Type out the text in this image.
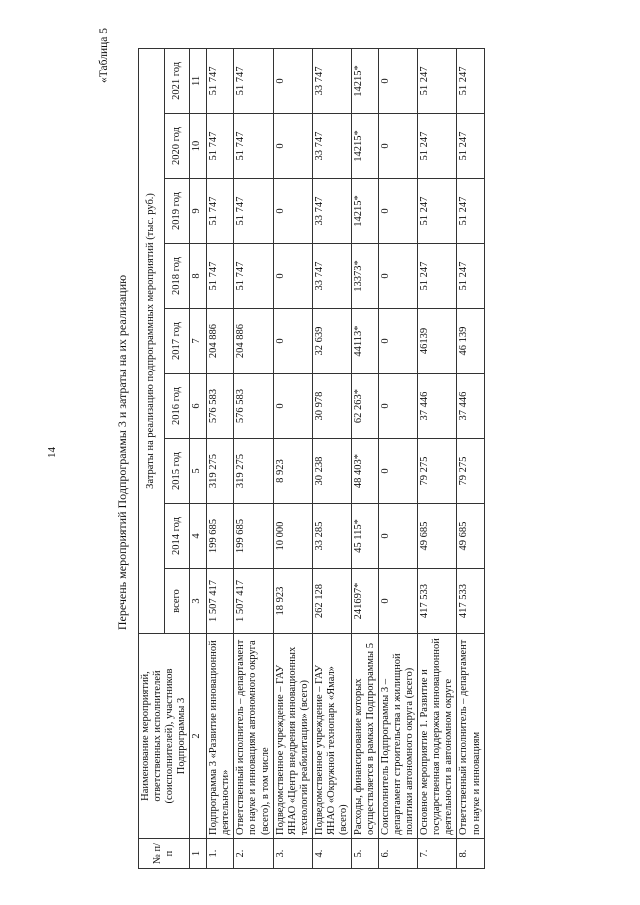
14
«Таблица 5
Перечень мероприятий Подпрограммы 3 и затраты на их реализацию
№ п/п	Наименование мероприятий, ответственных исполнителей (соисполнителей), участников Подпрограммы 3	Затраты на реализацию подпрограммных мероприятий (тыс. руб.)								
		всего	2014 год	2015 год	2016 год	2017 год	2018 год	2019 год	2020 год	2021 год
1	2	3	4	5	6	7	8	9	10	11
1.	Подпрограмма 3 «Развитие инновационной деятельности»	1 507 417	199 685	319 275	576 583	204 886	51 747	51 747	51 747	51 747
2.	Ответственный исполнитель – департамент по науке и инновациям автономного округа (всего), в том числе	1 507 417	199 685	319 275	576 583	204 886	51 747	51 747	51 747	51 747
3.	Подведомственное учреждение – ГАУ ЯНАО «Центр внедрения инновационных технологий реабилитации» (всего)	18 923	10 000	8 923	0	0	0	0	0	0
4.	Подведомственное учреждение – ГАУ ЯНАО «Окружной технопарк «Ямал» (всего)	262 128	33 285	30 238	30 978	32 639	33 747	33 747	33 747	33 747
5.	Расходы, финансирование которых осуществляется в рамках Подпрограммы 5	241697*	45 115*	48 403*	62 263*	44113*	13373*	14215*	14215*	14215*
6.	Соисполнитель Подпрограммы 3 – департамент строительства и жилищной политики автономного округа (всего)	0	0	0	0	0	0	0	0	0
7.	Основное мероприятие 1. Развитие и государственная поддержка инновационной деятельности в автономном округе	417 533	49 685	79 275	37 446	46139	51 247	51 247	51 247	51 247
8.	Ответственный исполнитель – департамент по науке и инновациям	417 533	49 685	79 275	37 446	46 139	51 247	51 247	51 247	51 247
